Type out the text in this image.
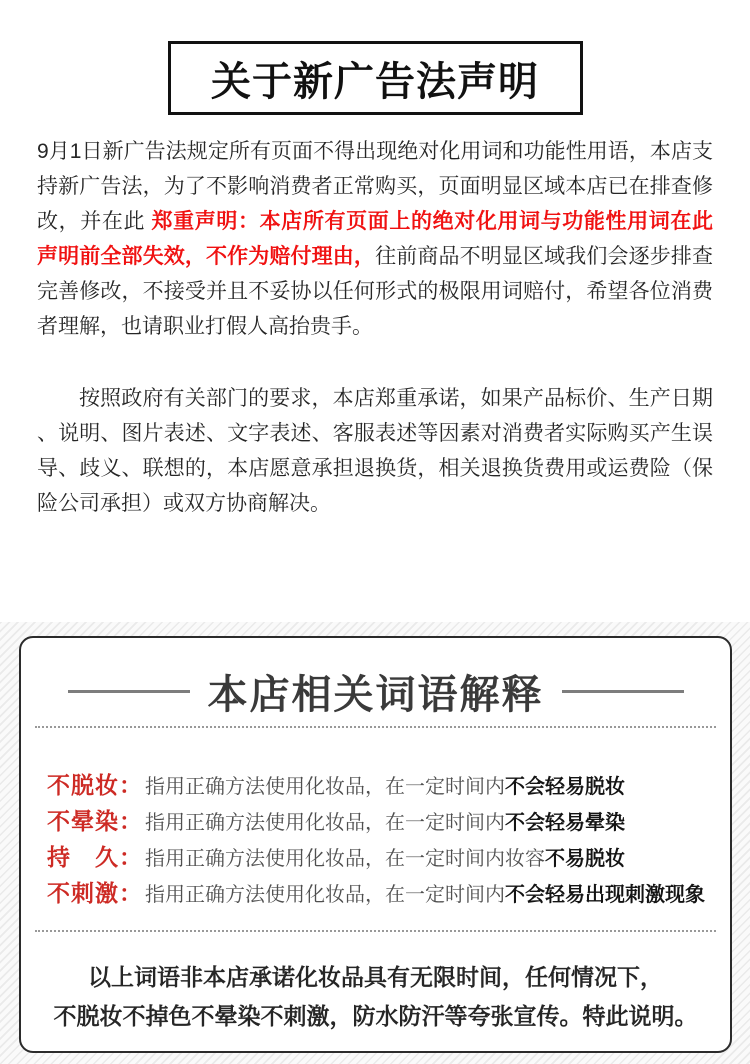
关于新广告法声明

9月1日新广告法规定所有页面不得出现绝对化用词和功能性用语，本店支持新广告法，为了不影响消费者正常购买，页面明显区域本店已在排查修改，并在此 郑重声明：本店所有页面上的绝对化用词与功能性用词在此声明前全部失效，不作为赔付理由，往前商品不明显区域我们会逐步排查完善修改，不接受并且不妥协以任何形式的极限用词赔付，希望各位消费者理解，也请职业打假人高抬贵手。

按照政府有关部门的要求，本店郑重承诺，如果产品标价、生产日期、说明、图片表述、文字表述、客服表述等因素对消费者实际购买产生误导、歧义、联想的，本店愿意承担退换货，相关退换货费用或运费险（保险公司承担）或双方协商解决。

本店相关词语解释
不脱妆： 指用正确方法使用化妆品，在一定时间内不会轻易脱妆
不晕染： 指用正确方法使用化妆品，在一定时间内不会轻易晕染
持　久： 指用正确方法使用化妆品，在一定时间内妆容不易脱妆
不刺激： 指用正确方法使用化妆品，在一定时间内不会轻易出现刺激现象
以上词语非本店承诺化妆品具有无限时间，任何情况下，
不脱妆不掉色不晕染不刺激，防水防汗等夸张宣传。特此说明。
